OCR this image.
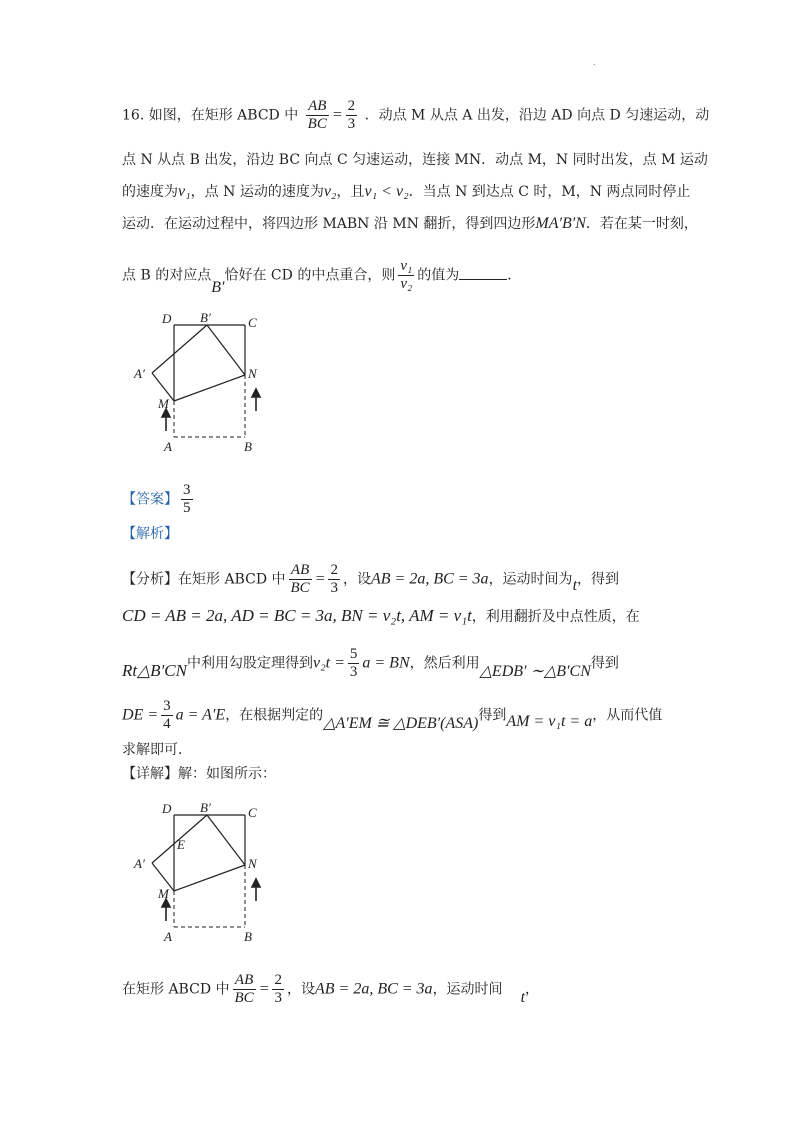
.
16. 如图，在矩形 ABCD 中 $\frac{AB}{BC} = \frac{2}{3}$ ．动点 M 从点 A 出发，沿边 AD 向点 D 匀速运动，动
点 N 从点 B 出发，沿边 BC 向点 C 匀速运动，连接 MN．动点 M，N 同时出发，点 M 运动
的速度为v₁，点 N 运动的速度为v₂，且v₁ < v₂．当点 N 到达点 C 时，M，N 两点同时停止
运动．在运动过程中，将四边形 MABN 沿 MN 翻折，得到四边形MA′B′N．若在某一时刻，
点 B 的对应点B′恰好在 CD 的中点重合，则 $\frac{\text{v₁}}{\text{v₂}}$ 的值为	．
D B′	C
A′	N
M
A	B
【答案】 $\frac{3}{5}$
【解析】
【分析】在矩形 ABCD 中 $\frac{AB}{BC} = \frac{2}{3}$ ，设AB = 2a, BC = 3a，运动时间为t，得到
CD = AB = 2a, AD = BC = 3a, BN = v₂t, AM = v₁t，利用翻折及中点性质，在
Rt△B′CN中利用勾股定理得到$v_2t = \frac{5}{3}$ a = BN，然后利用△EDB′ ∼△B′CN得到
DE = $\frac{3}{4}$ a = A′E，在根据判定的△A′EM ≅ △DEB′(ASA)得到AM = v₁t = a，从而代值
求解即可．
【详解】解：如图所示：
D B′	C
E
A′	N
M
A	B
在矩形 ABCD 中 $\frac{AB}{BC} = \frac{2}{3}$ ，设AB = 2a, BC = 3a，运动时间 t，
